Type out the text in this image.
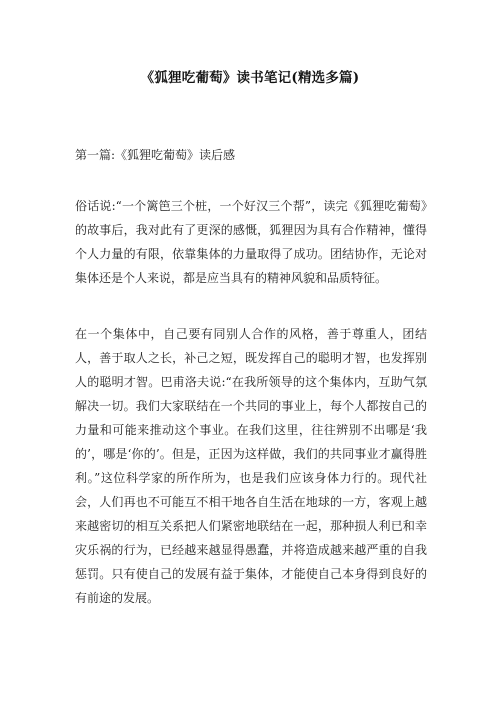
《狐狸吃葡萄》读书笔记(精选多篇)
第一篇:《狐狸吃葡萄》读后感

俗话说:“一个篱笆三个桩，一个好汉三个帮”，读完《狐狸吃葡萄》的故事后，我对此有了更深的感慨，狐狸因为具有合作精神，懂得个人力量的有限，依靠集体的力量取得了成功。团结协作，无论对集体还是个人来说，都是应当具有的精神风貌和品质特征。

在一个集体中，自己要有同别人合作的风格，善于尊重人，团结人，善于取人之长，补己之短，既发挥自己的聪明才智，也发挥别人的聪明才智。巴甫洛夫说:“在我所领导的这个集体内，互助气氛解决一切。我们大家联结在一个共同的事业上，每个人都按自己的力量和可能来推动这个事业。在我们这里，往往辨别不出哪是‘我的’，哪是‘你的’。但是，正因为这样做，我们的共同事业才赢得胜利。”这位科学家的所作所为，也是我们应该身体力行的。现代社会，人们再也不可能互不相干地各自生活在地球的一方，客观上越来越密切的相互关系把人们紧密地联结在一起，那种损人利已和幸灾乐祸的行为，已经越来越显得愚蠢，并将造成越来越严重的自我惩罚。只有使自己的发展有益于集体，才能使自己本身得到良好的有前途的发展。
